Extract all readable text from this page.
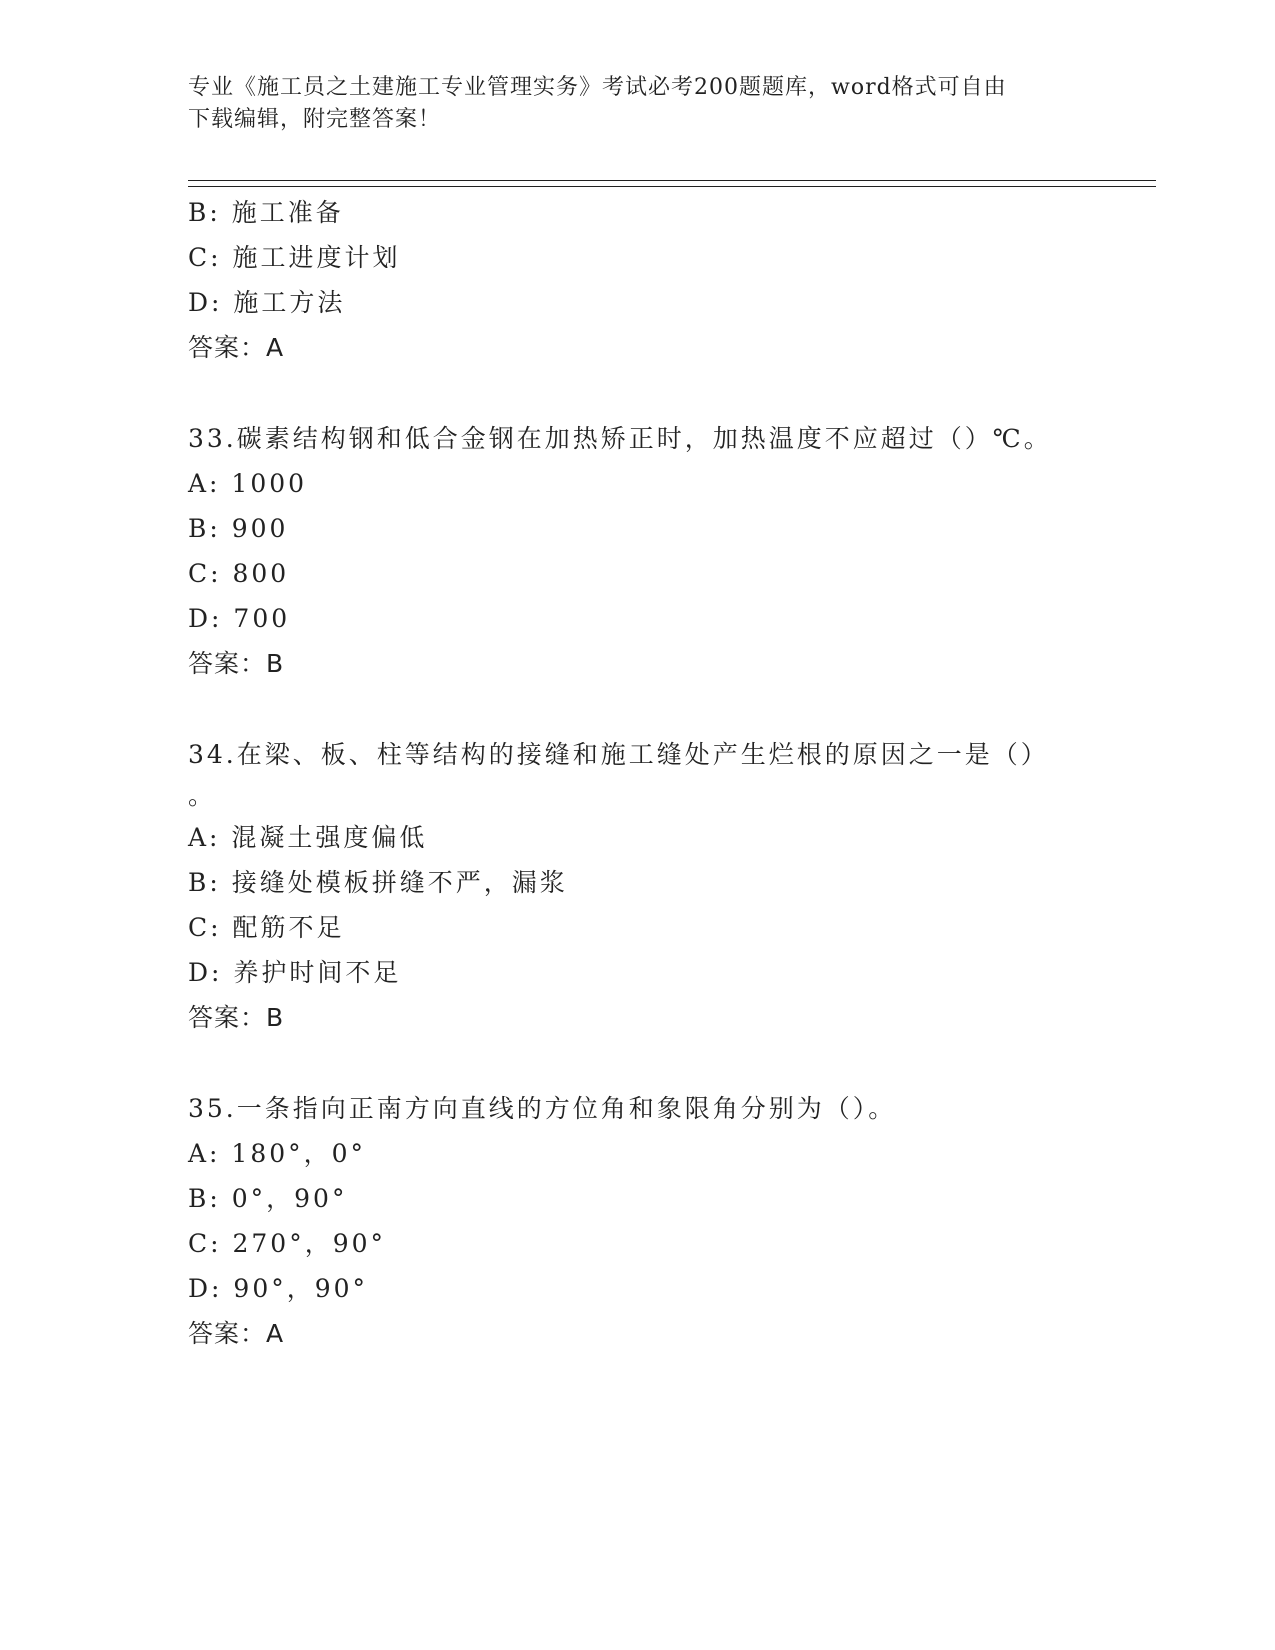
专业《施工员之土建施工专业管理实务》考试必考200题题库，word格式可自由
下载编辑，附完整答案！
B: 施工准备
C: 施工进度计划
D: 施工方法
答案：A
33.碳素结构钢和低合金钢在加热矫正时，加热温度不应超过（）℃。
A: 1000
B: 900
C: 800
D: 700
答案：B
34.在梁、板、柱等结构的接缝和施工缝处产生烂根的原因之一是（）
。
A: 混凝土强度偏低
B: 接缝处模板拼缝不严，漏浆
C: 配筋不足
D: 养护时间不足
答案：B
35.一条指向正南方向直线的方位角和象限角分别为（）。
A: 180°，0°
B: 0°，90°
C: 270°，90°
D: 90°，90°
答案：A
